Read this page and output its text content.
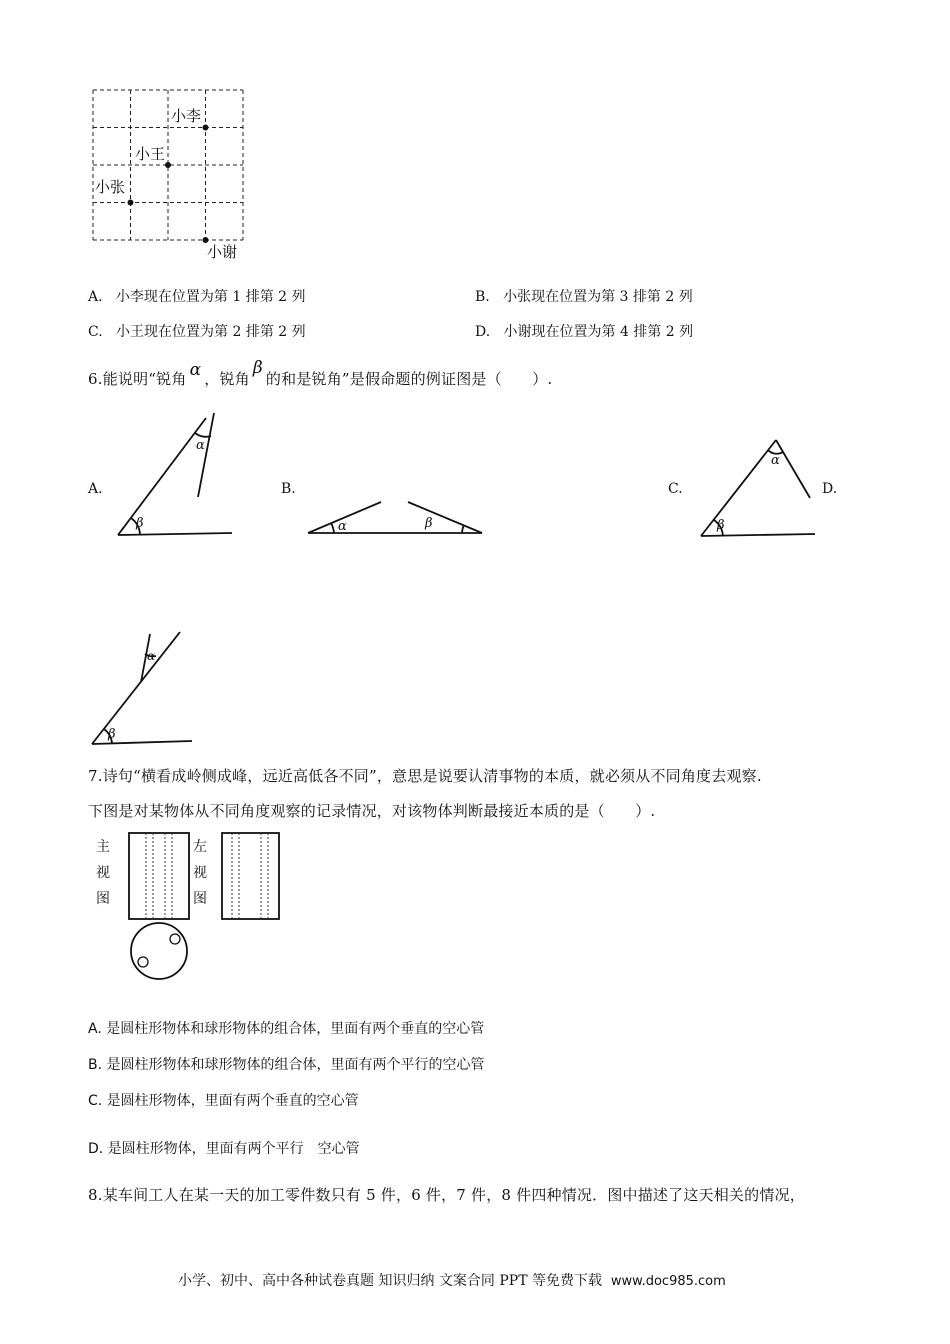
小李
小王
小张
小谢
A. 小李现在位置为第 1 排第 2 列	B. 小张现在位置为第 3 排第 2 列
C. 小王现在位置为第 2 排第 2 列	D. 小谢现在位置为第 4 排第 2 列
6.能说明“锐角 α ，锐角β的和是锐角”是假命题的例证图是（　　）.
A.	B.	C.	D.
β
α
α	β	β
α
β
α
7.诗句“横看成岭侧成峰，远近高低各不同”，意思是说要认清事物的本质，就必须从不同角度去观察.
下图是对某物体从不同角度观察的记录情况，对该物体判断最接近本质的是（　　）.
主
视
图
左
视
图
A. 是圆柱形物体和球形物体的组合体，里面有两个垂直的空心管
B. 是圆柱形物体和球形物体的组合体，里面有两个平行的空心管
C. 是圆柱形物体，里面有两个垂直的空心管
D. 是圆柱形物体，里面有两个平行　空心管
8.某车间工人在某一天的加工零件数只有 5 件，6 件，7 件，8 件四种情况．图中描述了这天相关的情况，
小学、初中、高中各种试卷真题 知识归纳 文案合同 PPT 等免费下载 www.doc985.com
